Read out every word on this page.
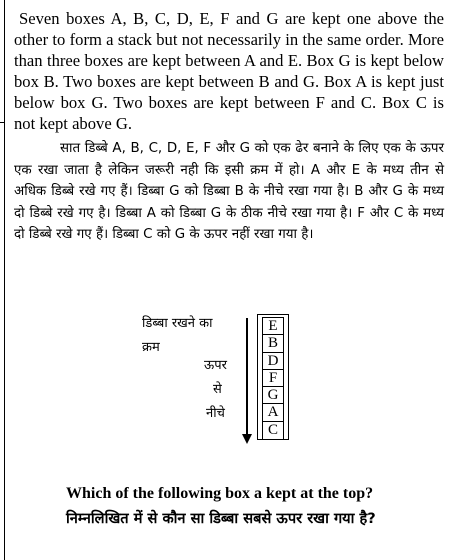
Seven boxes A, B, C, D, E, F and G are kept one above the other to form a stack but not necessarily in the same order. More than three boxes are kept between A and E. Box G is kept below box B. Two boxes are kept between B and G. Box A is kept just below box G. Two boxes are kept between F and C. Box C is not kept above G.

सात डिब्बे A, B, C, D, E, F और G को एक ढेर बनाने के लिए एक के ऊपर एक रखा जाता है लेकिन जरूरी नही कि इसी क्रम में हो। A और E के मध्य तीन से अधिक डिब्बे रखे गए हैं। डिब्बा G को डिब्बा B के नीचे रखा गया है। B और G के मध्य दो डिब्बे रखे गए है। डिब्बा A को डिब्बा G के ठीक नीचे रखा गया है। F और C के मध्य दो डिब्बे रखे गए हैं। डिब्बा C को G के ऊपर नहीं रखा गया है।

डिब्बा रखने का
क्रम
ऊपर
से
नीचे
E
B
D
F
G
A
C
Which of the following box a kept at the top?
निम्नलिखित में से कौन सा डिब्बा सबसे ऊपर रखा गया है?
